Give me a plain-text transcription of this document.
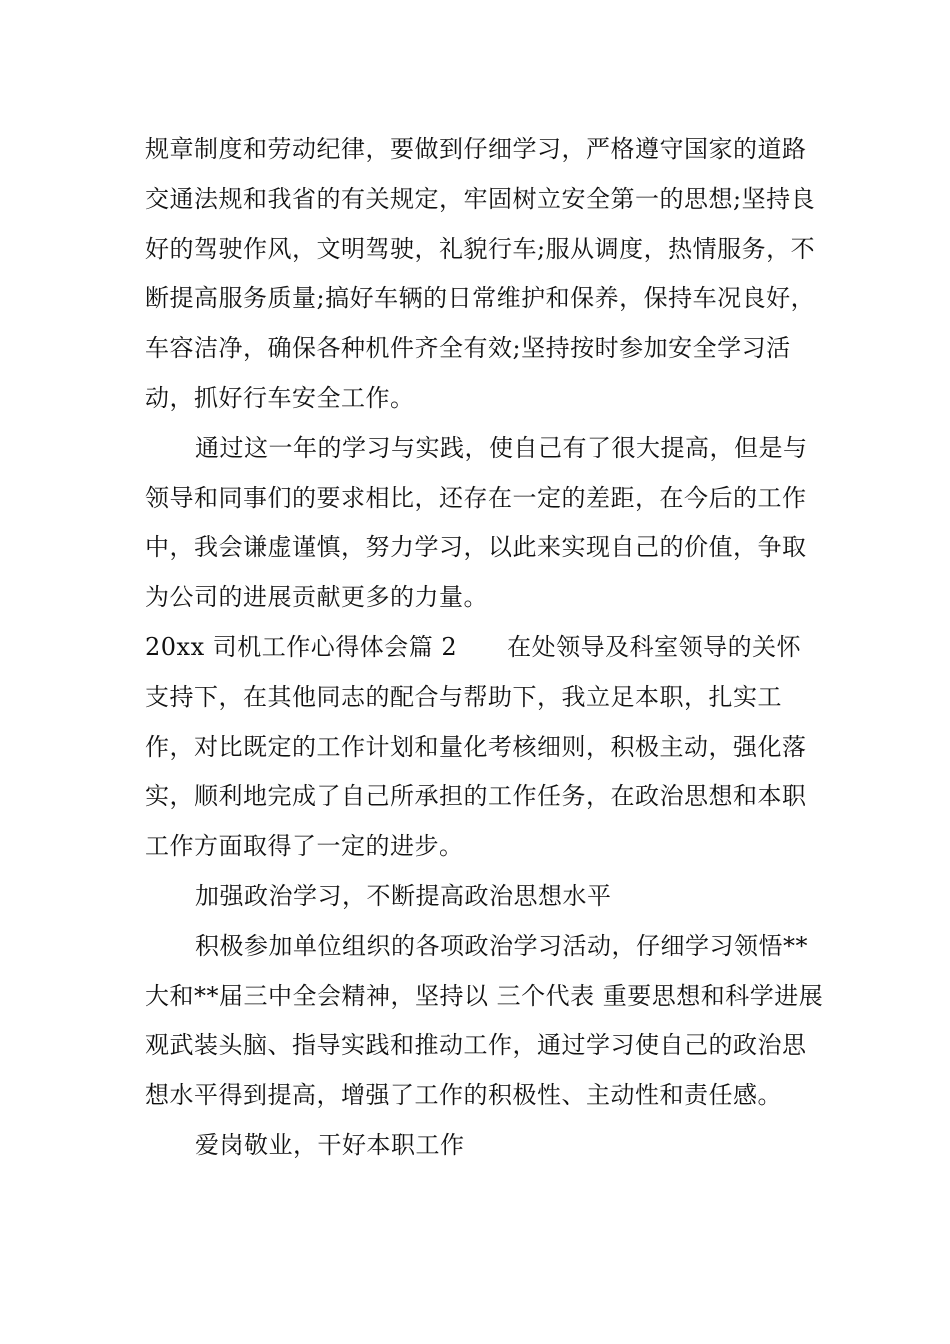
规章制度和劳动纪律，要做到仔细学习，严格遵守国家的道路交通法规和我省的有关规定，牢固树立安全第一的思想;坚持良好的驾驶作风，文明驾驶，礼貌行车;服从调度，热情服务，不断提高服务质量;搞好车辆的日常维护和保养，保持车况良好，车容洁净，确保各种机件齐全有效;坚持按时参加安全学习活动，抓好行车安全工作。

通过这一年的学习与实践，使自己有了很大提高，但是与领导和同事们的要求相比，还存在一定的差距，在今后的工作中，我会谦虚谨慎，努力学习，以此来实现自己的价值，争取为公司的进展贡献更多的力量。

20xx 司机工作心得体会篇 2 在处领导及科室领导的关怀支持下，在其他同志的配合与帮助下，我立足本职，扎实工作，对比既定的工作计划和量化考核细则，积极主动，强化落实，顺利地完成了自己所承担的工作任务，在政治思想和本职工作方面取得了一定的进步。

加强政治学习，不断提高政治思想水平

积极参加单位组织的各项政治学习活动，仔细学习领悟**大和**届三中全会精神，坚持以 三个代表 重要思想和科学进展观武装头脑、指导实践和推动工作，通过学习使自己的政治思想水平得到提高，增强了工作的积极性、主动性和责任感。

爱岗敬业，干好本职工作
